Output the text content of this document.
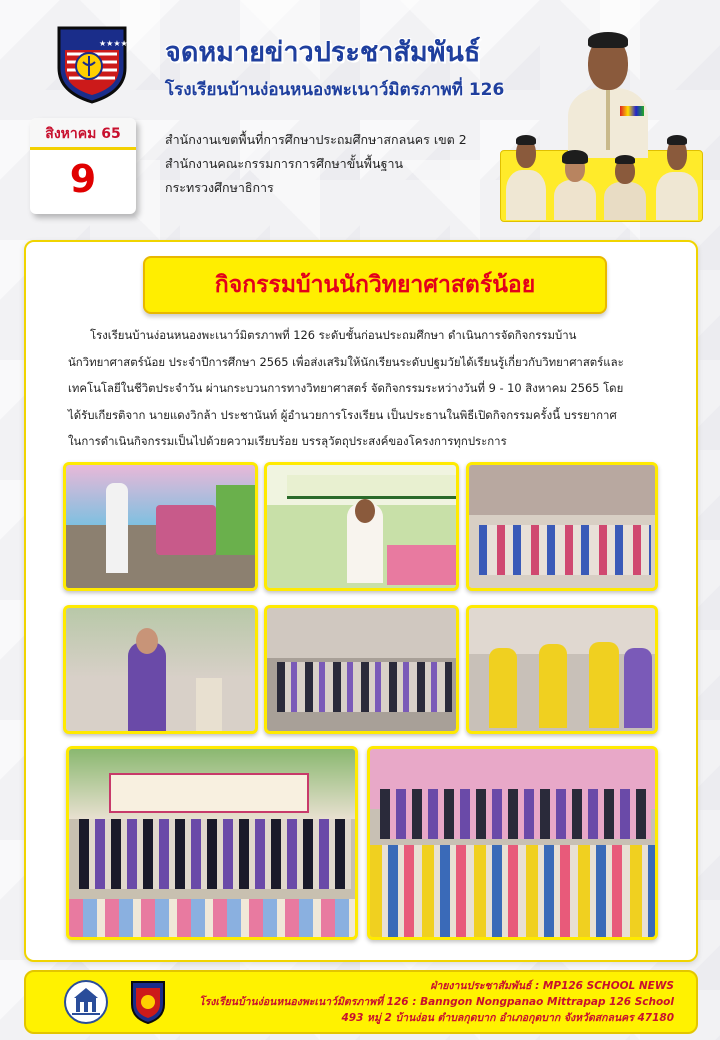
★★★★ จดหมายข่าวประชาสัมพันธ์
โรงเรียนบ้านง่อนหนองพะเนาว์มิตรภาพที่ 126
สิงหาคม 65
9
สำนักงานเขตพื้นที่การศึกษาประถมศึกษาสกลนคร เขต 2
สำนักงานคณะกรรมการการศึกษาขั้นพื้นฐาน
กระทรวงศึกษาธิการ
กิจกรรมบ้านนักวิทยาศาสตร์น้อย
โรงเรียนบ้านง่อนหนองพะเนาว์มิตรภาพที่ 126 ระดับชั้นก่อนประถมศึกษา ดำเนินการจัดกิจกรรมบ้าน
นักวิทยาศาสตร์น้อย ประจำปีการศึกษา 2565 เพื่อส่งเสริมให้นักเรียนระดับปฐมวัยได้เรียนรู้เกี่ยวกับวิทยาศาสตร์และ
เทคโนโลยีในชีวิตประจำวัน ผ่านกระบวนการทางวิทยาศาสตร์ จัดกิจกรรมระหว่างวันที่ 9 - 10 สิงหาคม 2565 โดย
ได้รับเกียรติจาก นายแดงวิกล้า ประชานันท์ ผู้อำนวยการโรงเรียน เป็นประธานในพิธีเปิดกิจกรรมครั้งนี้ บรรยากาศ
ในการดำเนินกิจกรรมเป็นไปด้วยความเรียบร้อย บรรลุวัตถุประสงค์ของโครงการทุกประการ
ฝ่ายงานประชาสัมพันธ์ : MP126 SCHOOL NEWS
โรงเรียนบ้านง่อนหนองพะเนาว์มิตรภาพที่ 126 : Banngon Nongpanao Mittrapap 126 School
493 หมู่ 2 บ้านง่อน ตำบลกุดบาก อำเภอกุดบาก จังหวัดสกลนคร 47180
